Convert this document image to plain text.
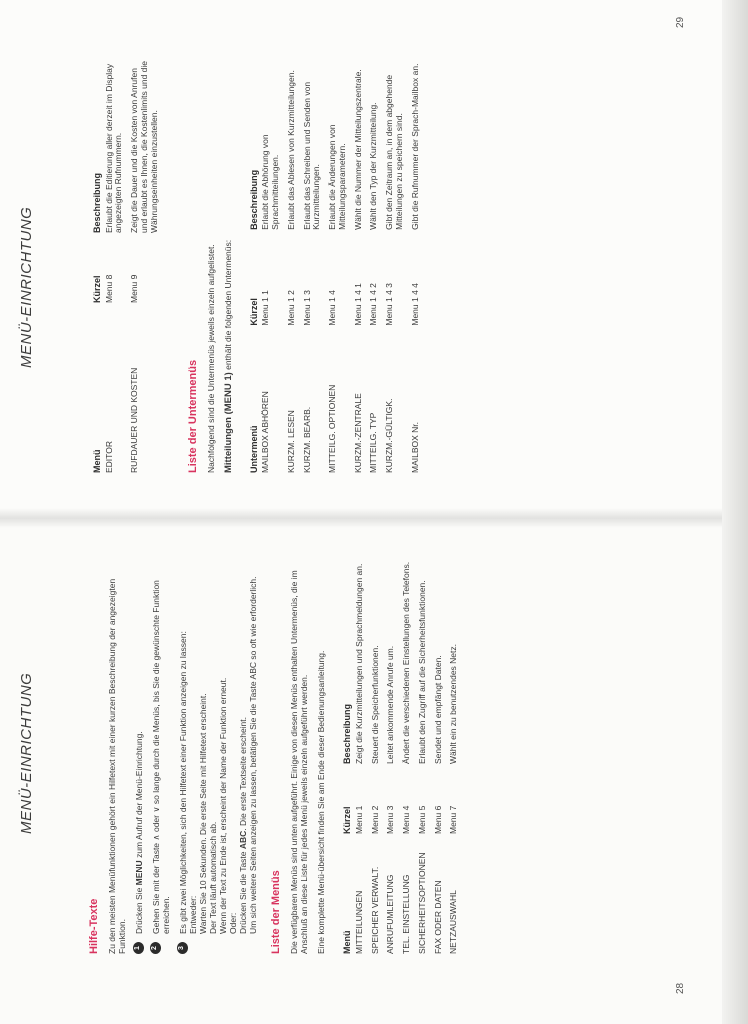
MENÜ-EINRICHTUNG
Hilfe-Texte Zu den meisten Menüfunktionen gehört ein Hilfetext mit einer kurzen Beschreibung der angezeigten Funktion. 1
Drücken Sie MENU zum Aufruf der Menü-Einrichtung.
2
Gehen Sie mit der Taste ∧ oder ∨ so lange durch die Menüs, bis Sie die gewünschte Funktion erreichen.
3
Es gibt zwei Möglichkeiten, sich den Hilfetext einer Funktion anzeigen zu lassen:
Entweder:
Warten Sie 10 Sekunden. Die erste Seite mit Hilfetext erscheint.
Der Text läuft automatisch ab.
Wenn der Text zu Ende ist, erscheint der Name der Funktion erneut.
Oder:
Drücken Sie die Taste ABC. Die erste Textseite erscheint.
Um sich weitere Seiten anzeigen zu lassen, betätigen Sie die Taste ABC so oft wie erforderlich.
Liste der Menüs Die verfügbaren Menüs sind unten aufgeführt. Einige von diesen Menüs enthalten Untermenüs, die im Anschluß an diese Liste für jedes Menü jeweils einzeln aufgeführt werden. Eine komplette Menü-übersicht finden Sie am Ende dieser Bedienungsanleitung. Menü	Kürzel	Beschreibung
MITTEILUNGEN	Menu 1	Zeigt die Kurzmitteilungen und Sprachmeldungen an.
SPEICHER VERWALT.	Menu 2	Steuert die Speicherfunktionen.
ANRUFUMLEITUNG	Menu 3	Leitet ankommende Anrufe um.
TEL. EINSTELLUNG	Menu 4	Ändert die verschiedenen Einstellungen des Telefons.
SICHERHEITSOPTIONEN	Menu 5	Erlaubt den Zugriff auf die Sicherheitsfunktionen.
FAX ODER DATEN	Menu 6	Sendet und empfängt Daten.
NETZAUSWAHL	Menu 7	Wählt ein zu benutzendes Netz.
28
MENÜ-EINRICHTUNG
Menü	Kürzel	Beschreibung
EDITOR	Menu 8	Erlaubt die Editierung aller derzeit im Display angezeigten Rufnummern.
RUFDAUER UND KOSTEN	Menu 9	Zeigt die Dauer und die Kosten von Anrufen und erlaubt es Ihnen, die Kostenlimits und die Währungseinheiten einzustellen.
Liste der Untermenüs Nachfolgend sind die Untermenüs jeweils einzeln aufgelistet. Mitteilungen (MENU 1) enthält die folgenden Untermenüs:

Untermenü	Kürzel	Beschreibung
MAILBOX ABHÖREN	Menu 1 1	Erlaubt die Abhörung von Sprachmitteilungen.
KURZM. LESEN	Menu 1 2	Erlaubt das Ablesen von Kurzmitteilungen.
KURZM. BEARB.	Menu 1 3	Erlaubt das Schreiben und Senden von Kurzmitteilungen.
MITTEILG. OPTIONEN	Menu 1 4	Erlaubt die Änderungen von Mitteilungsparametern.
KURZM.-ZENTRALE	Menu 1 4 1	Wählt die Nummer der Mitteilungszentrale.
MITTEILG. TYP	Menu 1 4 2	Wählt den Typ der Kurzmitteilung.
KURZM.-GÜLTIGK.	Menu 1 4 3	Gibt den Zeitraum an, in dem abgehende Mitteilungen zu speichern sind.
MAILBOX Nr.	Menu 1 4 4	Gibt die Rufnummer der Sprach-Mailbox an.
29
